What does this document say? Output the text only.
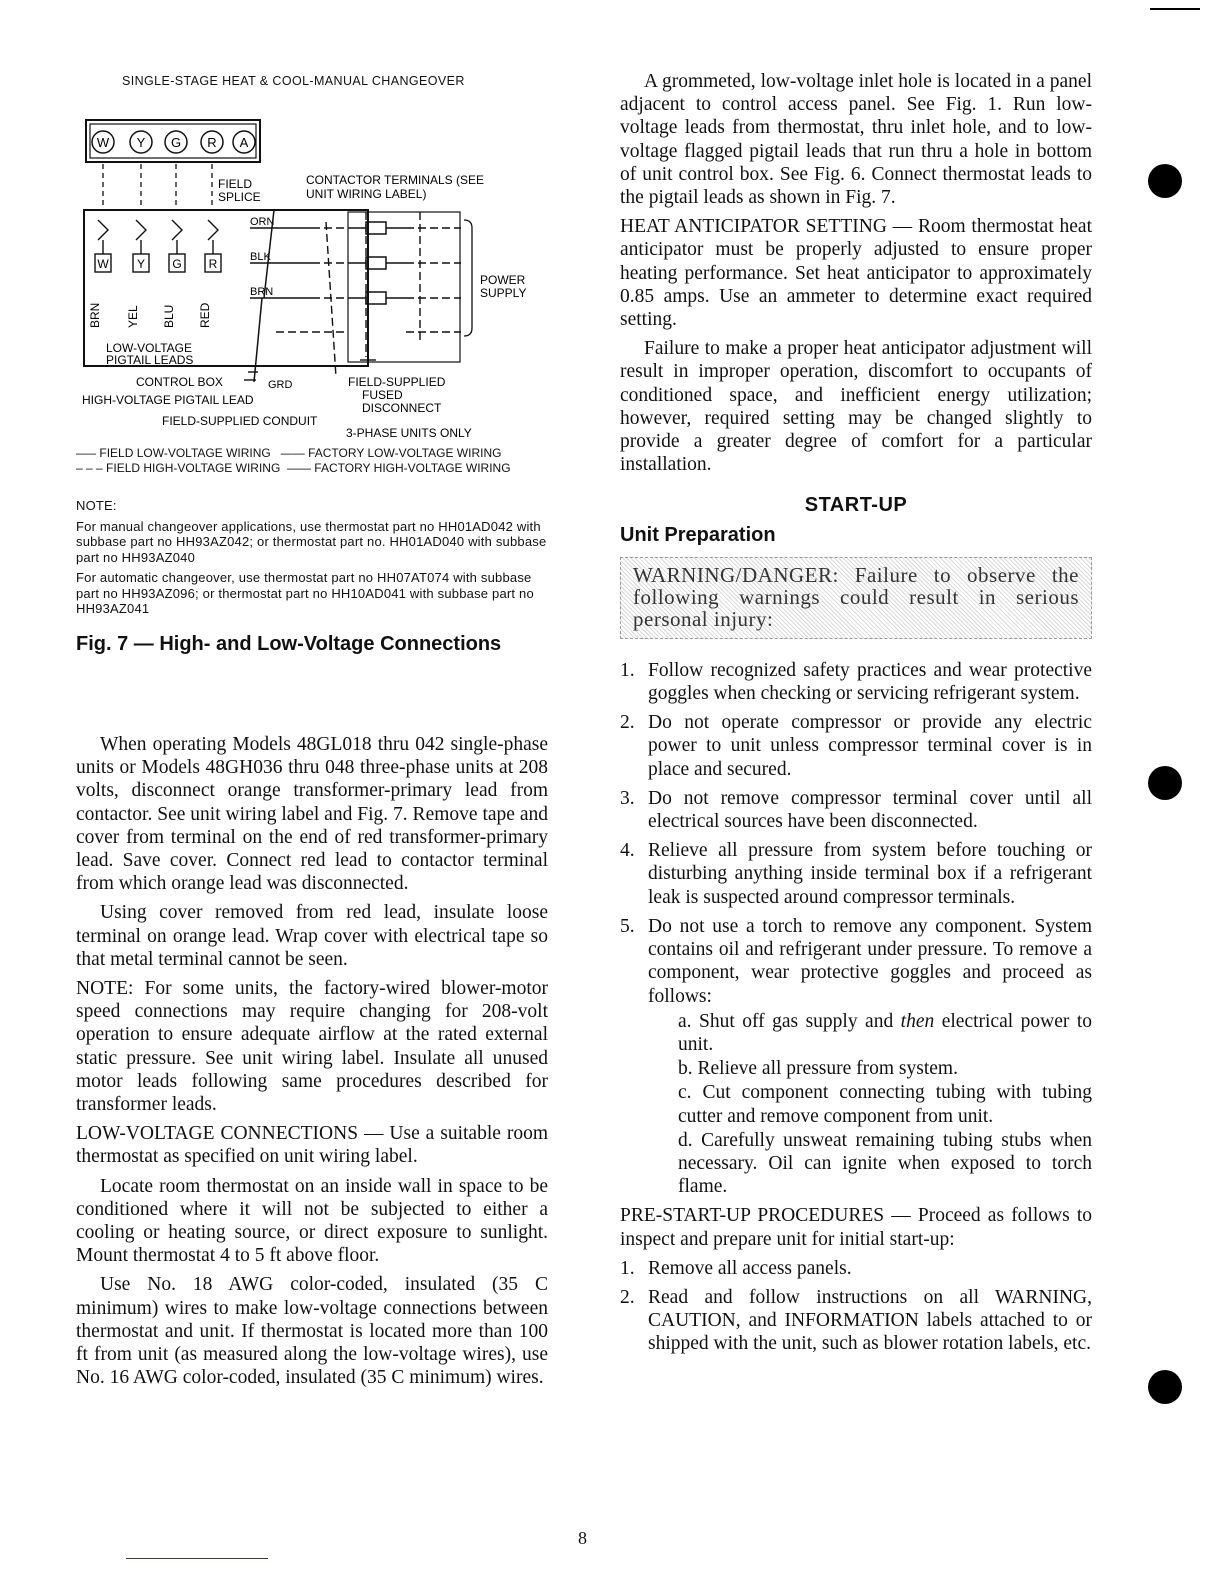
SINGLE-STAGE HEAT & COOL-MANUAL CHANGEOVER
W Y G R A
FIELD
SPLICE
CONTACTOR TERMINALS (SEE
UNIT WIRING LABEL)
W Y G R
BRN YEL BLU RED
LOW-VOLTAGE
PIGTAIL LEADS
ORN
BLK
BRN
POWER
SUPPLY
CONTROL BOX	GRD
HIGH-VOLTAGE PIGTAIL LEAD
FIELD-SUPPLIED
FUSED
DISCONNECT
FIELD-SUPPLIED CONDUIT
3-PHASE UNITS ONLY
––– FIELD LOW-VOLTAGE WIRING —— FACTORY LOW-VOLTAGE WIRING
– – – FIELD HIGH-VOLTAGE WIRING —— FACTORY HIGH-VOLTAGE WIRING

NOTE:

For manual changeover applications, use thermostat part no HH01AD042 with subbase part no HH93AZ042; or thermostat part no. HH01AD040 with subbase part no HH93AZ040

For automatic changeover, use thermostat part no HH07AT074 with subbase part no HH93AZ096; or thermostat part no HH10AD041 with subbase part no HH93AZ041

Fig. 7 — High- and Low-Voltage Connections

When operating Models 48GL018 thru 042 single-phase units or Models 48GH036 thru 048 three-phase units at 208 volts, disconnect orange transformer-primary lead from contactor. See unit wiring label and Fig. 7. Remove tape and cover from terminal on the end of red transformer-primary lead. Save cover. Connect red lead to contactor terminal from which orange lead was disconnected.

Using cover removed from red lead, insulate loose terminal on orange lead. Wrap cover with electrical tape so that metal terminal cannot be seen.

NOTE: For some units, the factory-wired blower-motor speed connections may require changing for 208-volt operation to ensure adequate airflow at the rated external static pressure. See unit wiring label. Insulate all unused motor leads following same procedures described for transformer leads.

LOW-VOLTAGE CONNECTIONS — Use a suitable room thermostat as specified on unit wiring label.

Locate room thermostat on an inside wall in space to be conditioned where it will not be subjected to either a cooling or heating source, or direct exposure to sunlight. Mount thermostat 4 to 5 ft above floor.

Use No. 18 AWG color-coded, insulated (35 C minimum) wires to make low-voltage connections between thermostat and unit. If thermostat is located more than 100 ft from unit (as measured along the low-voltage wires), use No. 16 AWG color-coded, insulated (35 C minimum) wires.

A grommeted, low-voltage inlet hole is located in a panel adjacent to control access panel. See Fig. 1. Run low-voltage leads from thermostat, thru inlet hole, and to low-voltage flagged pigtail leads that run thru a hole in bottom of unit control box. See Fig. 6. Connect thermostat leads to the pigtail leads as shown in Fig. 7.

HEAT ANTICIPATOR SETTING — Room thermostat heat anticipator must be properly adjusted to ensure proper heating performance. Set heat anticipator to approximately 0.85 amps. Use an ammeter to determine exact required setting.

Failure to make a proper heat anticipator adjustment will result in improper operation, discomfort to occupants of conditioned space, and inefficient energy utilization; however, required setting may be changed slightly to provide a greater degree of comfort for a particular installation.

START-UP
Unit Preparation
WARNING/DANGER: Failure to observe the following warnings could result in serious personal injury:
1. Follow recognized safety practices and wear protective goggles when checking or servicing refrigerant system.
2. Do not operate compressor or provide any electric power to unit unless compressor terminal cover is in place and secured.
3. Do not remove compressor terminal cover until all electrical sources have been disconnected.
4. Relieve all pressure from system before touching or disturbing anything inside terminal box if a refrigerant leak is suspected around compressor terminals.
5. Do not use a torch to remove any component. System contains oil and refrigerant under pressure. To remove a component, wear protective goggles and proceed as follows:
a. Shut off gas supply and then electrical power to unit.
b. Relieve all pressure from system.
c. Cut component connecting tubing with tubing cutter and remove component from unit.
d. Carefully unsweat remaining tubing stubs when necessary. Oil can ignite when exposed to torch flame.

PRE-START-UP PROCEDURES — Proceed as follows to inspect and prepare unit for initial start-up:

1. Remove all access panels.
2. Read and follow instructions on all WARNING, CAUTION, and INFORMATION labels attached to or shipped with the unit, such as blower rotation labels, etc.
8
